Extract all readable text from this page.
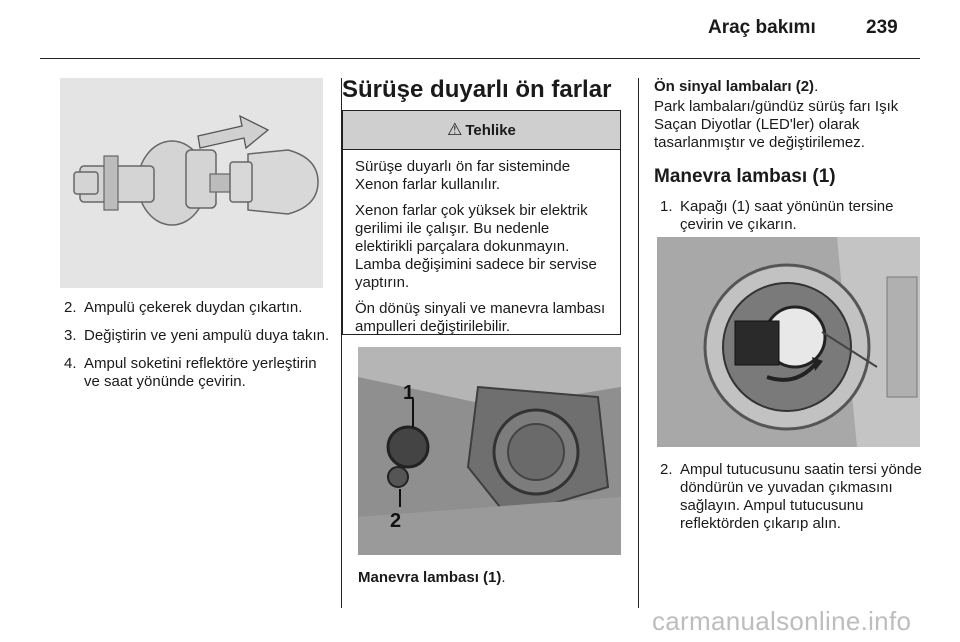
Araç bakımı	239
2. Ampulü çekerek duydan çıkartın.
3. Değiştirin ve yeni ampulü duya takın.
4. Ampul soketini reflektöre yerleştirin ve saat yönünde çevirin.
Sürüşe duyarlı ön farlar
⚠ Tehlike

Sürüşe duyarlı ön far sisteminde Xenon farlar kullanılır.

Xenon farlar çok yüksek bir elektrik gerilimi ile çalışır. Bu nedenle elektirikli parçalara dokunmayın. Lamba değişimini sadece bir servise yaptırın.

Ön dönüş sinyali ve manevra lambası ampulleri değiştirilebilir.

1
2
Manevra lambası (1).
Ön sinyal lambaları (2).
Park lambaları/gündüz sürüş farı Işık Saçan Diyotlar (LED'ler) olarak tasarlanmıştır ve değiştirilemez.
Manevra lambası (1)
1. Kapağı (1) saat yönünün tersine çevirin ve çıkarın.
2. Ampul tutucusunu saatin tersi yönde döndürün ve yuvadan çıkmasını sağlayın. Ampul tutucusunu reflektörden çıkarıp alın.
carmanualsonline.info
